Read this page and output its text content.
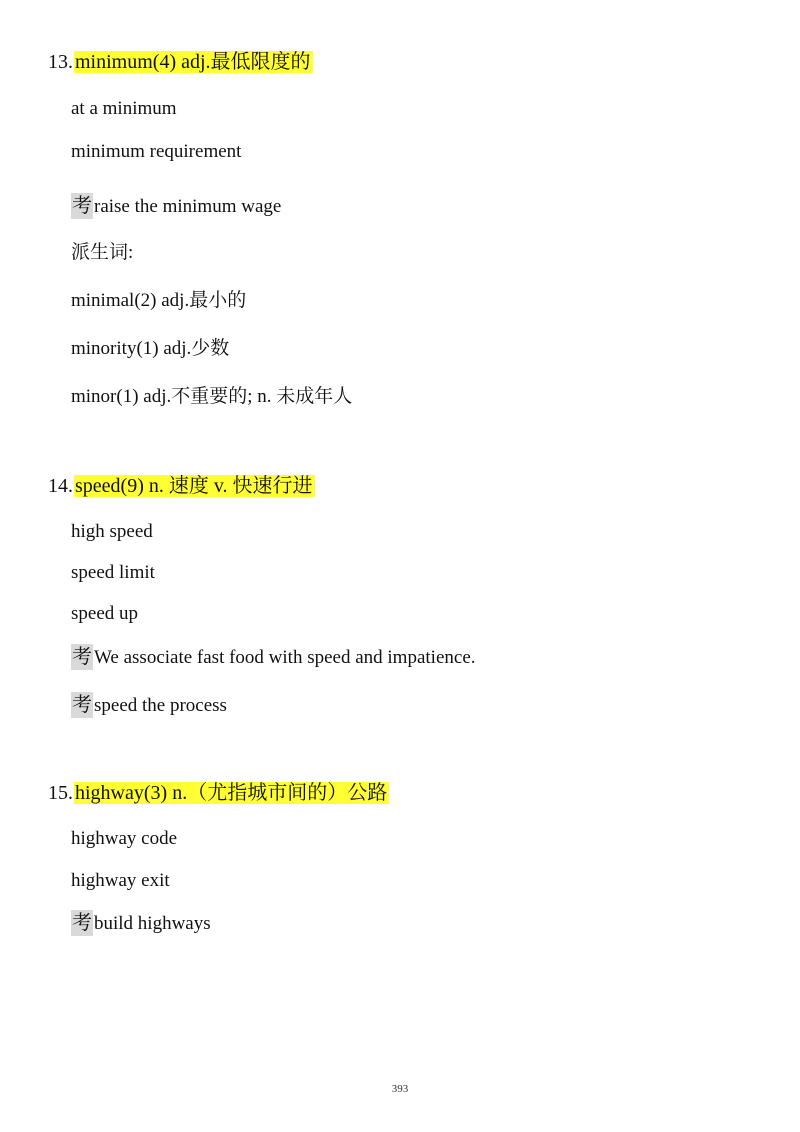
13. minimum(4) adj.最低限度的
at a minimum
minimum requirement
考 raise the minimum wage
派生词:
minimal(2) adj.最小的
minority(1) adj.少数
minor(1) adj.不重要的; n. 未成年人
14. speed(9) n. 速度 v. 快速行进
high speed
speed limit
speed up
考 We associate fast food with speed and impatience.
考 speed the process
15. highway(3) n.（尤指城市间的）公路
highway code
highway exit
考 build highways
393
